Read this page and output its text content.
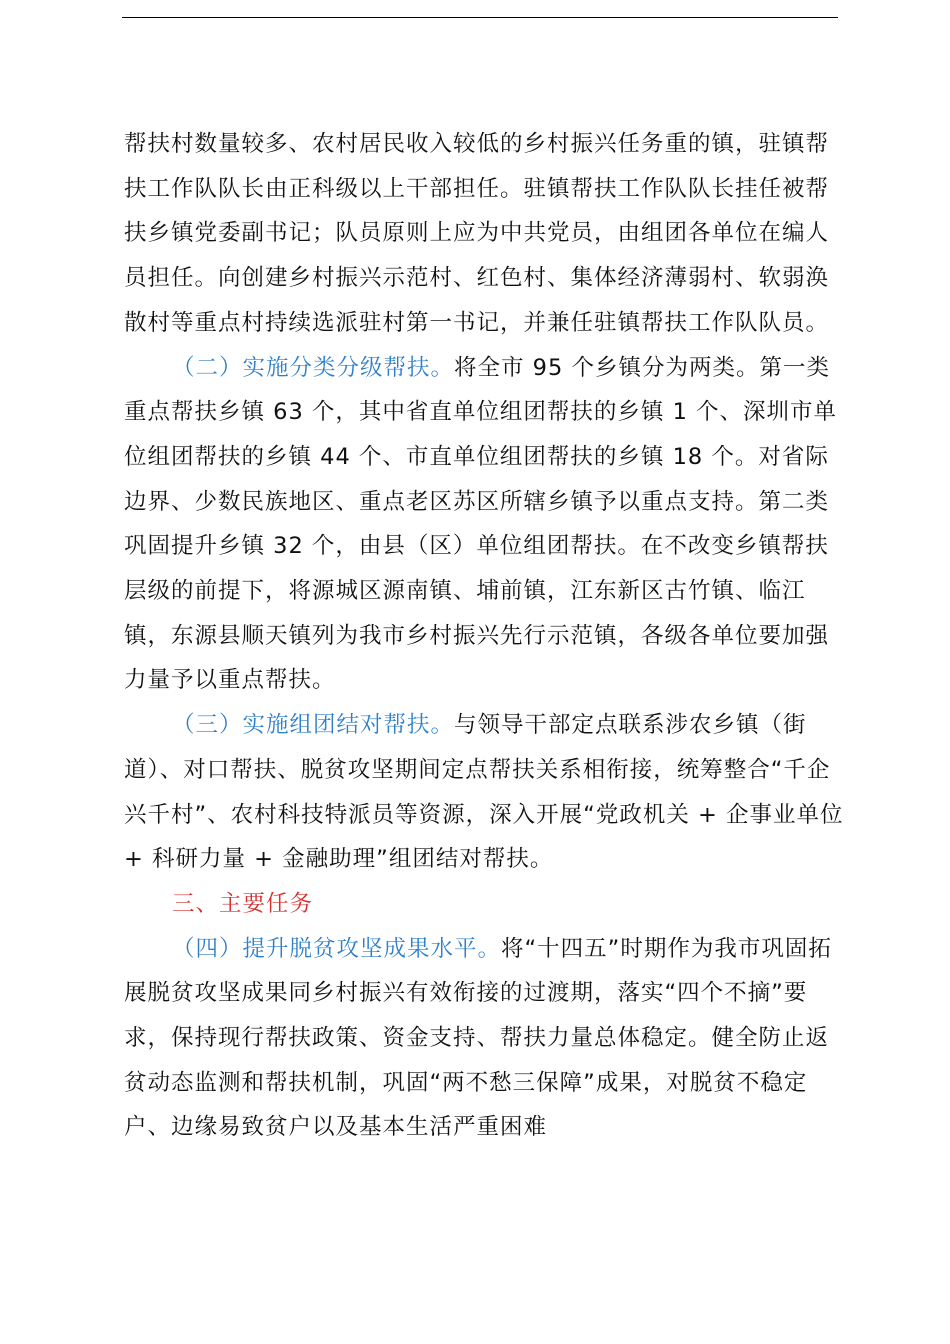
帮扶村数量较多、农村居民收入较低的乡村振兴任务重的镇，驻镇帮扶工作队队长由正科级以上干部担任。驻镇帮扶工作队队长挂任被帮扶乡镇党委副书记；队员原则上应为中共党员，由组团各单位在编人员担任。向创建乡村振兴示范村、红色村、集体经济薄弱村、软弱涣散村等重点村持续选派驻村第一书记，并兼任驻镇帮扶工作队队员。

（二）实施分类分级帮扶。将全市 95 个乡镇分为两类。第一类重点帮扶乡镇 63 个，其中省直单位组团帮扶的乡镇 1 个、深圳市单位组团帮扶的乡镇 44 个、市直单位组团帮扶的乡镇 18 个。对省际边界、少数民族地区、重点老区苏区所辖乡镇予以重点支持。第二类巩固提升乡镇 32 个，由县（区）单位组团帮扶。在不改变乡镇帮扶层级的前提下，将源城区源南镇、埔前镇，江东新区古竹镇、临江镇，东源县顺天镇列为我市乡村振兴先行示范镇，各级各单位要加强力量予以重点帮扶。

（三）实施组团结对帮扶。与领导干部定点联系涉农乡镇（街道）、对口帮扶、脱贫攻坚期间定点帮扶关系相衔接，统筹整合“千企兴千村”、农村科技特派员等资源，深入开展“党政机关 + 企事业单位 + 科研力量 + 金融助理”组团结对帮扶。

三、主要任务

（四）提升脱贫攻坚成果水平。将“十四五”时期作为我市巩固拓展脱贫攻坚成果同乡村振兴有效衔接的过渡期，落实“四个不摘”要求，保持现行帮扶政策、资金支持、帮扶力量总体稳定。健全防止返贫动态监测和帮扶机制，巩固“两不愁三保障”成果，对脱贫不稳定户、边缘易致贫户以及基本生活严重困难
